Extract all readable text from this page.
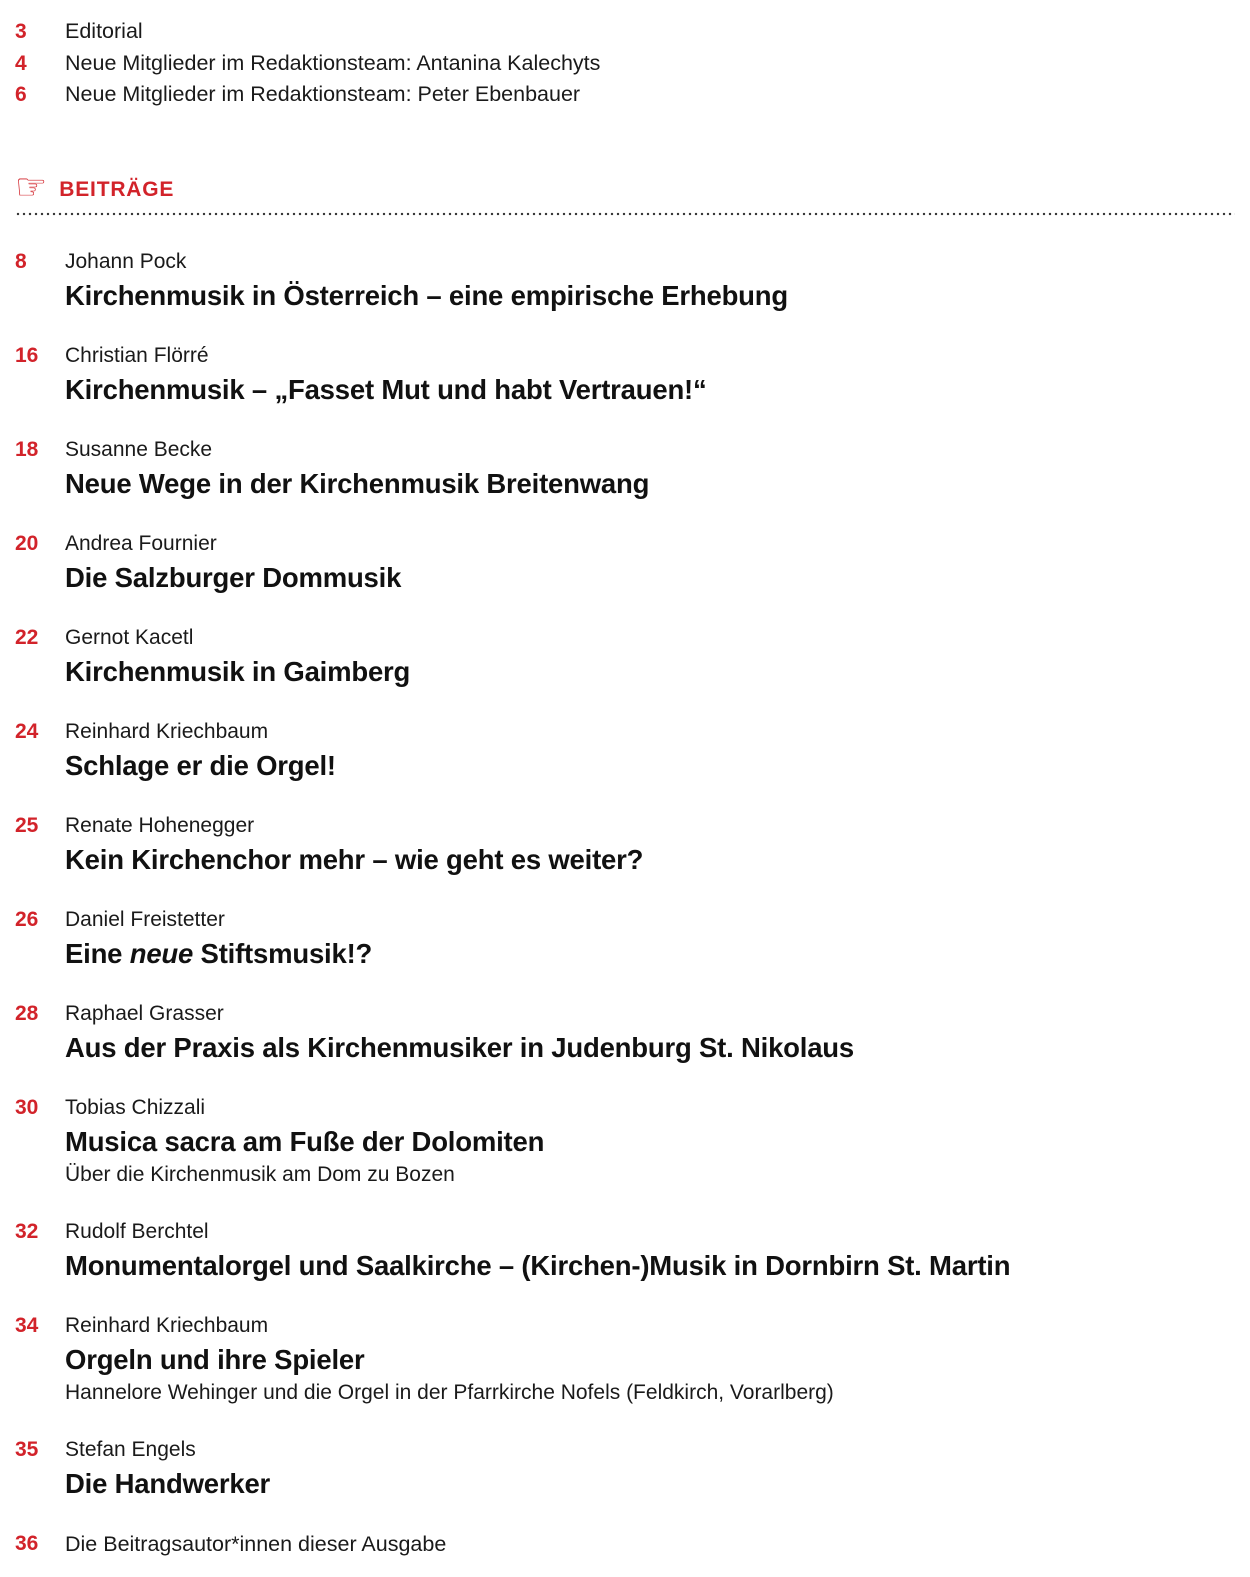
3	Editorial
4	Neue Mitglieder im Redaktionsteam: Antanina Kalechyts
6	Neue Mitglieder im Redaktionsteam: Peter Ebenbauer
☞ BEITRÄGE
8	Johann Pock
Kirchenmusik in Österreich – eine empirische Erhebung
16	Christian Flörré
Kirchenmusik – „Fasset Mut und habt Vertrauen!“
18	Susanne Becke
Neue Wege in der Kirchenmusik Breitenwang
20	Andrea Fournier
Die Salzburger Dommusik
22	Gernot Kacetl
Kirchenmusik in Gaimberg
24	Reinhard Kriechbaum
Schlage er die Orgel!
25	Renate Hohenegger
Kein Kirchenchor mehr – wie geht es weiter?
26	Daniel Freistetter
Eine neue Stiftsmusik!?
28	Raphael Grasser
Aus der Praxis als Kirchenmusiker in Judenburg St. Nikolaus
30	Tobias Chizzali
Musica sacra am Fuße der Dolomiten
Über die Kirchenmusik am Dom zu Bozen
32	Rudolf Berchtel
Monumentalorgel und Saalkirche – (Kirchen-)Musik in Dornbirn St. Martin
34	Reinhard Kriechbaum
Orgeln und ihre Spieler
Hannelore Wehinger und die Orgel in der Pfarrkirche Nofels (Feldkirch, Vorarlberg)
35	Stefan Engels
Die Handwerker
36	Die Beitragsautor*innen dieser Ausgabe
